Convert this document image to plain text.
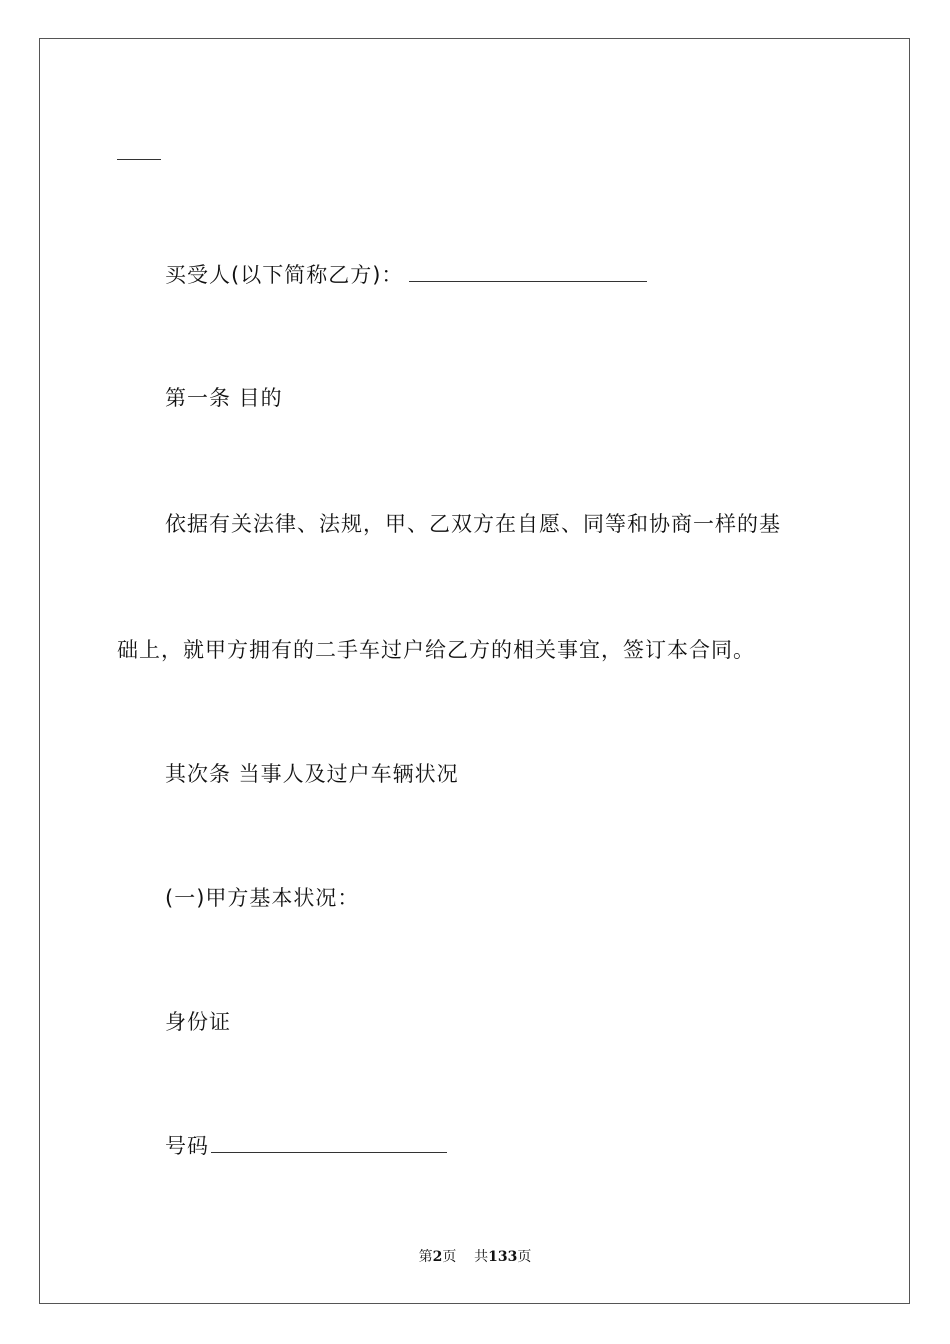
买受人(以下简称乙方)：
第一条 目的
依据有关法律、法规，甲、乙双方在自愿、同等和协商一样的基
础上，就甲方拥有的二手车过户给乙方的相关事宜，签订本合同。
其次条 当事人及过户车辆状况
(一)甲方基本状况：
身份证
号码
第2页 共133页
